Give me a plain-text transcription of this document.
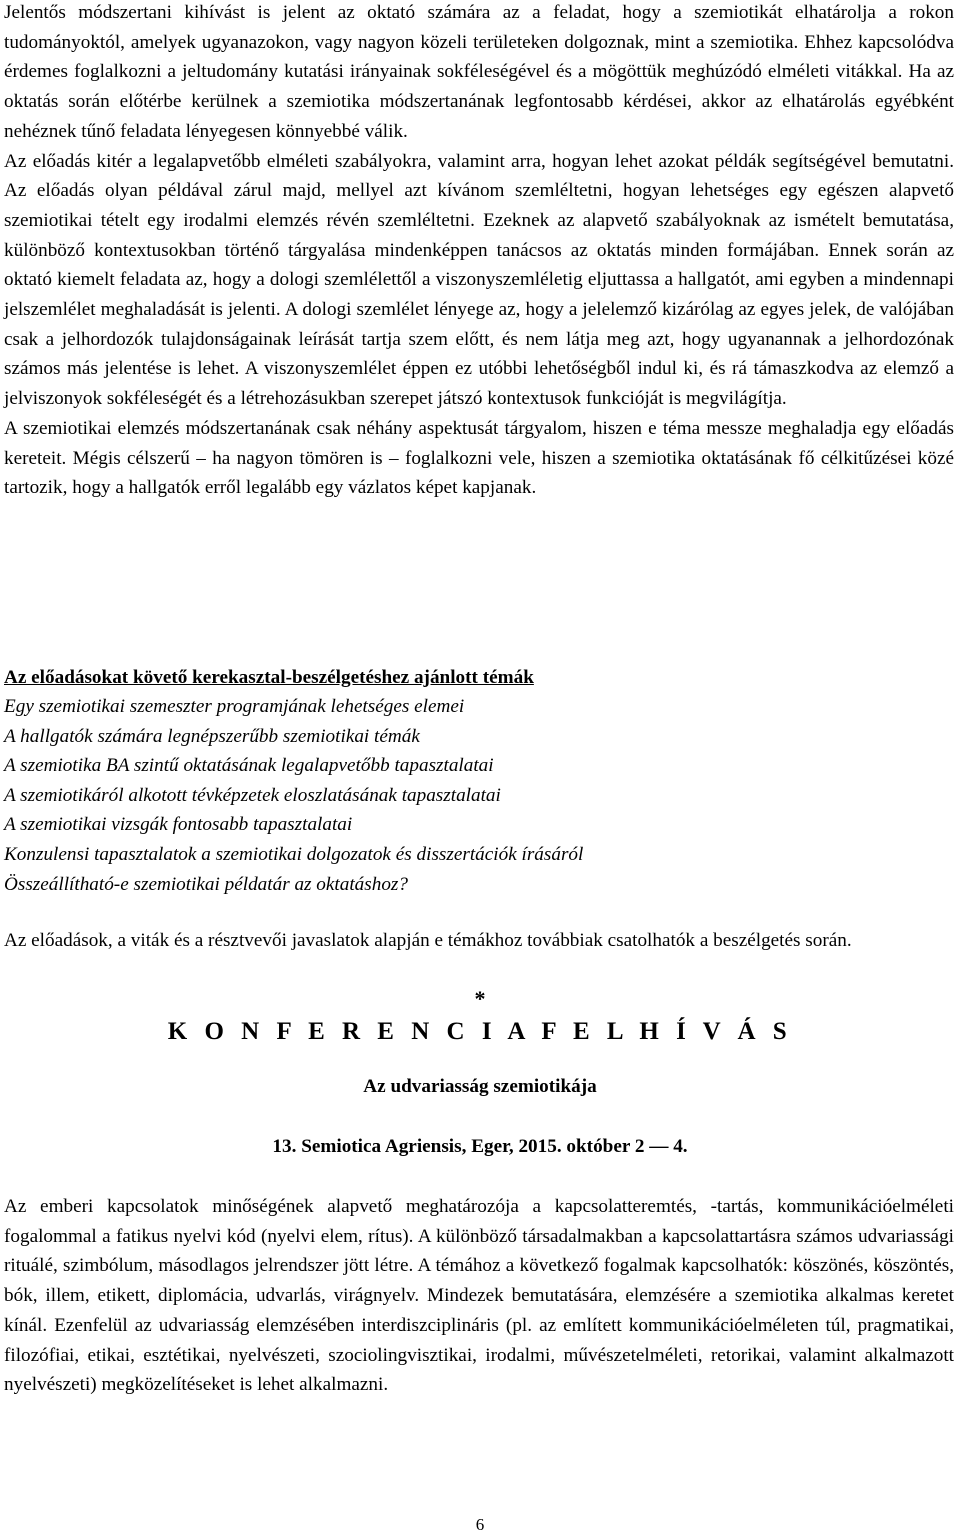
Jelentős módszertani kihívást is jelent az oktató számára az a feladat, hogy a szemiotikát elhatárolja a rokon tudományoktól, amelyek ugyanazokon, vagy nagyon közeli területeken dolgoznak, mint a szemiotika. Ehhez kapcsolódva érdemes foglalkozni a jeltudomány kutatási irányainak sokféleségével és a mögöttük meghúzódó elméleti vitákkal. Ha az oktatás során előtérbe kerülnek a szemiotika módszertanának legfontosabb kérdései, akkor az elhatárolás egyébként nehéznek tűnő feladata lényegesen könnyebbé válik.

Az előadás kitér a legalapvetőbb elméleti szabályokra, valamint arra, hogyan lehet azokat példák segítségével bemutatni. Az előadás olyan példával zárul majd, mellyel azt kívánom szemléltetni, hogyan lehetséges egy egészen alapvető szemiotikai tételt egy irodalmi elemzés révén szemléltetni. Ezeknek az alapvető szabályoknak az ismételt bemutatása, különböző kontextusokban történő tárgyalása mindenképpen tanácsos az oktatás minden formájában. Ennek során az oktató kiemelt feladata az, hogy a dologi szemlélettől a viszonyszemléletig eljuttassa a hallgatót, ami egyben a mindennapi jelszemlélet meghaladását is jelenti. A dologi szemlélet lényege az, hogy a jelelemző kizárólag az egyes jelek, de valójában csak a jelhordozók tulajdonságainak leírását tartja szem előtt, és nem látja meg azt, hogy ugyanannak a jelhordozónak számos más jelentése is lehet. A viszonyszemlélet éppen ez utóbbi lehetőségből indul ki, és rá támaszkodva az elemző a jelviszonyok sokféleségét és a létrehozásukban szerepet játszó kontextusok funkcióját is megvilágítja.

A szemiotikai elemzés módszertanának csak néhány aspektusát tárgyalom, hiszen e téma messze meghaladja egy előadás kereteit. Mégis célszerű – ha nagyon tömören is – foglalkozni vele, hiszen a szemiotika oktatásának fő célkitűzései közé tartozik, hogy a hallgatók erről legalább egy vázlatos képet kapjanak.

Az előadásokat követő kerekasztal-beszélgetéshez ajánlott témák

Egy szemiotikai szemeszter programjának lehetséges elemei
A hallgatók számára legnépszerűbb szemiotikai témák
A szemiotika BA szintű oktatásának legalapvetőbb tapasztalatai
A szemiotikáról alkotott tévképzetek eloszlatásának tapasztalatai
A szemiotikai vizsgák fontosabb tapasztalatai
Konzulensi tapasztalatok a szemiotikai dolgozatok és disszertációk írásáról
Összeállítható-e szemiotikai példatár az oktatáshoz?

Az előadások, a viták és a résztvevői javaslatok alapján e témákhoz továbbiak csatolhatók a beszélgetés során.

*

K O N F E R E N C I A F E L H Í V Á S

Az udvariasság szemiotikája

13. Semiotica Agriensis, Eger, 2015. október 2 — 4.

Az emberi kapcsolatok minőségének alapvető meghatározója a kapcsolatteremtés, -tartás, kommunikációelméleti fogalommal a fatikus nyelvi kód (nyelvi elem, rítus). A különböző társadalmakban a kapcsolattartásra számos udvariassági rituálé, szimbólum, másodlagos jelrendszer jött létre. A témához a következő fogalmak kapcsolhatók: köszönés, köszöntés, bók, illem, etikett, diplomácia, udvarlás, virágnyelv. Mindezek bemutatására, elemzésére a szemiotika alkalmas keretet kínál. Ezenfelül az udvariasság elemzésében interdiszciplináris (pl. az említett kommunikációelméleten túl, pragmatikai, filozófiai, etikai, esztétikai, nyelvészeti, szociolingvisztikai, irodalmi, művészetelméleti, retorikai, valamint alkalmazott nyelvészeti) megközelítéseket is lehet alkalmazni.

6
